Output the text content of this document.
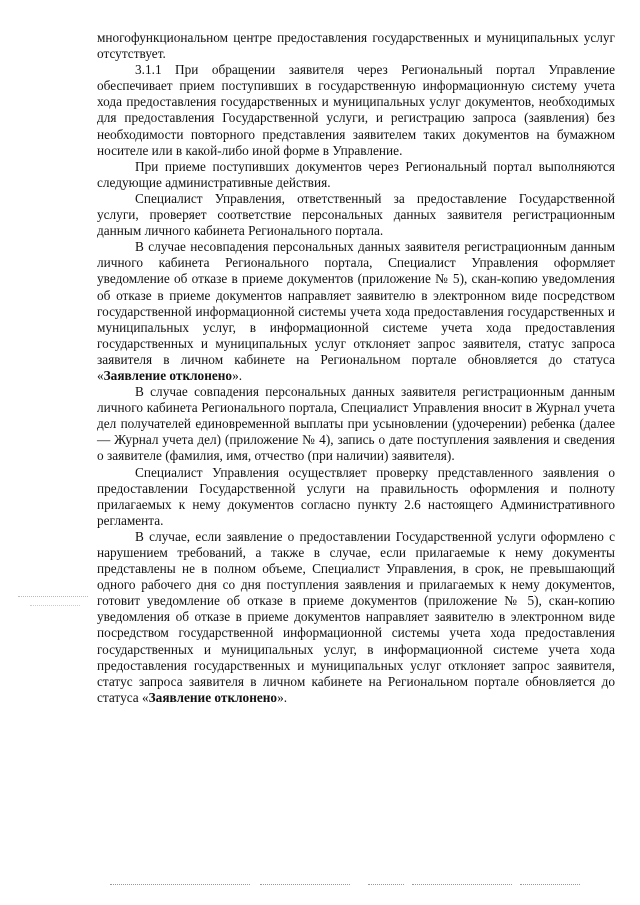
многофункциональном центре предоставления государственных и муниципальных услуг отсутствует.

3.1.1 При обращении заявителя через Региональный портал Управление обеспечивает прием поступивших в государственную информационную систему учета хода предоставления государственных и муниципальных услуг документов, необходимых для предоставления Государственной услуги, и регистрацию запроса (заявления) без необходимости повторного представления заявителем таких документов на бумажном носителе или в какой-либо иной форме в Управление.

При приеме поступивших документов через Региональный портал выполняются следующие административные действия.

Специалист Управления, ответственный за предоставление Государственной услуги, проверяет соответствие персональных данных заявителя регистрационным данным личного кабинета Регионального портала.

В случае несовпадения персональных данных заявителя регистрационным данным личного кабинета Регионального портала, Специалист Управления оформляет уведомление об отказе в приеме документов (приложение № 5), скан-копию уведомления об отказе в приеме документов направляет заявителю в электронном виде посредством государственной информационной системы учета хода предоставления государственных и муниципальных услуг, в информационной системе учета хода предоставления государственных и муниципальных услуг отклоняет запрос заявителя, статус запроса заявителя в личном кабинете на Региональном портале обновляется до статуса «Заявление отклонено».

В случае совпадения персональных данных заявителя регистрационным данным личного кабинета Регионального портала, Специалист Управления вносит в Журнал учета дел получателей единовременной выплаты при усыновлении (удочерении) ребенка (далее — Журнал учета дел) (приложение № 4), запись о дате поступления заявления и сведения о заявителе (фамилия, имя, отчество (при наличии) заявителя).

Специалист Управления осуществляет проверку представленного заявления о предоставлении Государственной услуги на правильность оформления и полноту прилагаемых к нему документов согласно пункту 2.6 настоящего Административного регламента.

В случае, если заявление о предоставлении Государственной услуги оформлено с нарушением требований, а также в случае, если прилагаемые к нему документы представлены не в полном объеме, Специалист Управления, в срок, не превышающий одного рабочего дня со дня поступления заявления и прилагаемых к нему документов, готовит уведомление об отказе в приеме документов (приложение № 5), скан-копию уведомления об отказе в приеме документов направляет заявителю в электронном виде посредством государственной информационной системы учета хода предоставления государственных и муниципальных услуг, в информационной системе учета хода предоставления государственных и муниципальных услуг отклоняет запрос заявителя, статус запроса заявителя в личном кабинете на Региональном портале обновляется до статуса «Заявление отклонено».
